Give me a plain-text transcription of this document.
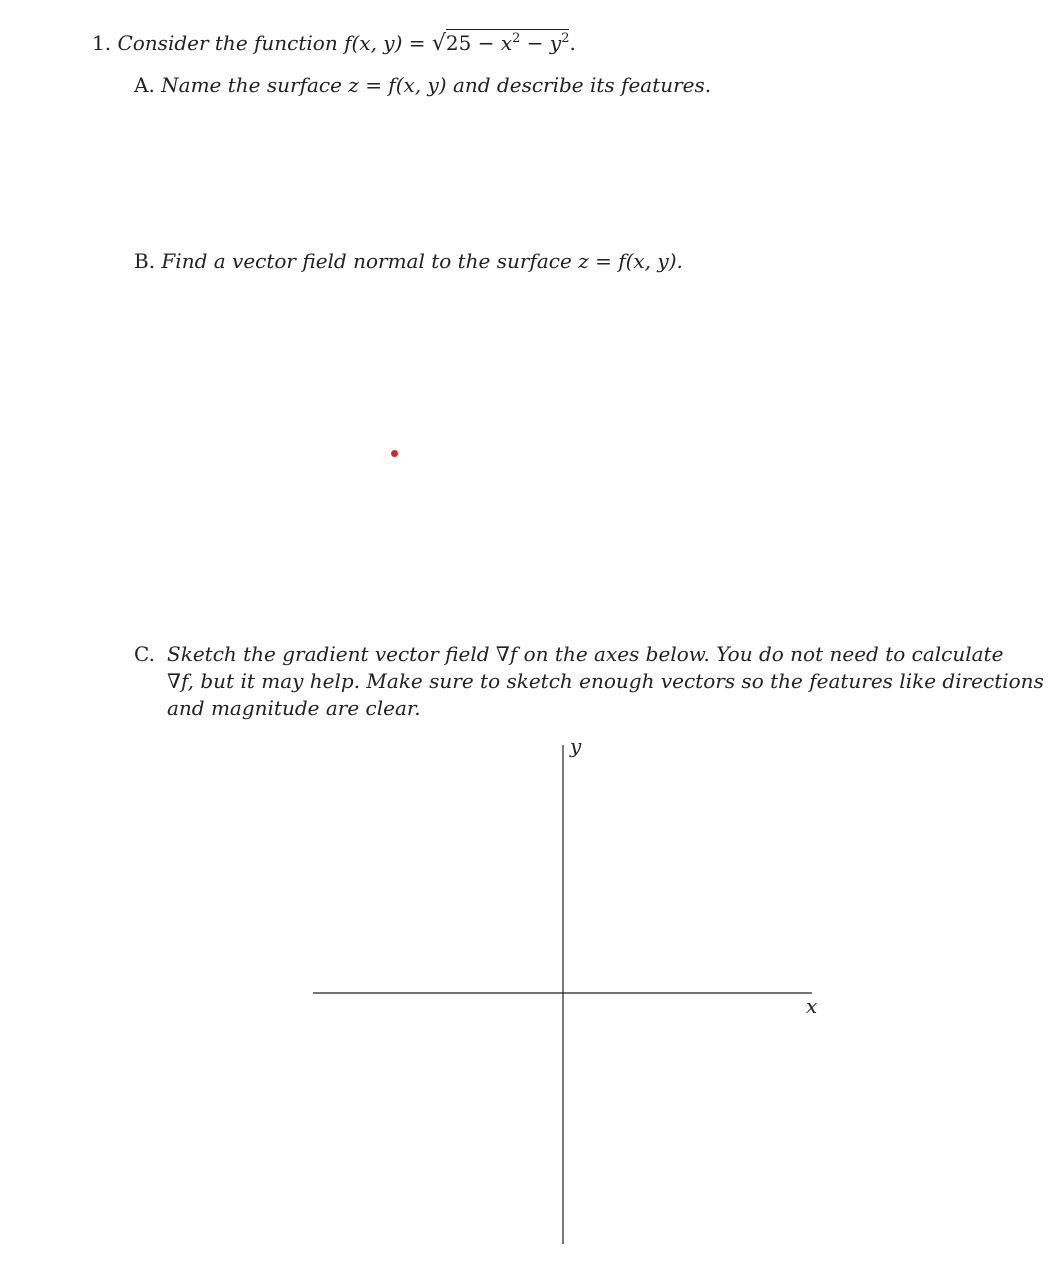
1. Consider the function f(x, $y) = √25 - x^2 - y^2$.
A. Name the surface z = f(x, y) and describe its features.
B. Find a vector field normal to the surface z = f(x, y).
C. Sketch the gradient vector field ∇f on the axes below. You do not need to calculate
∇f, but it may help. Make sure to sketch enough vectors so the features like directions
and magnitude are clear.
y
x
